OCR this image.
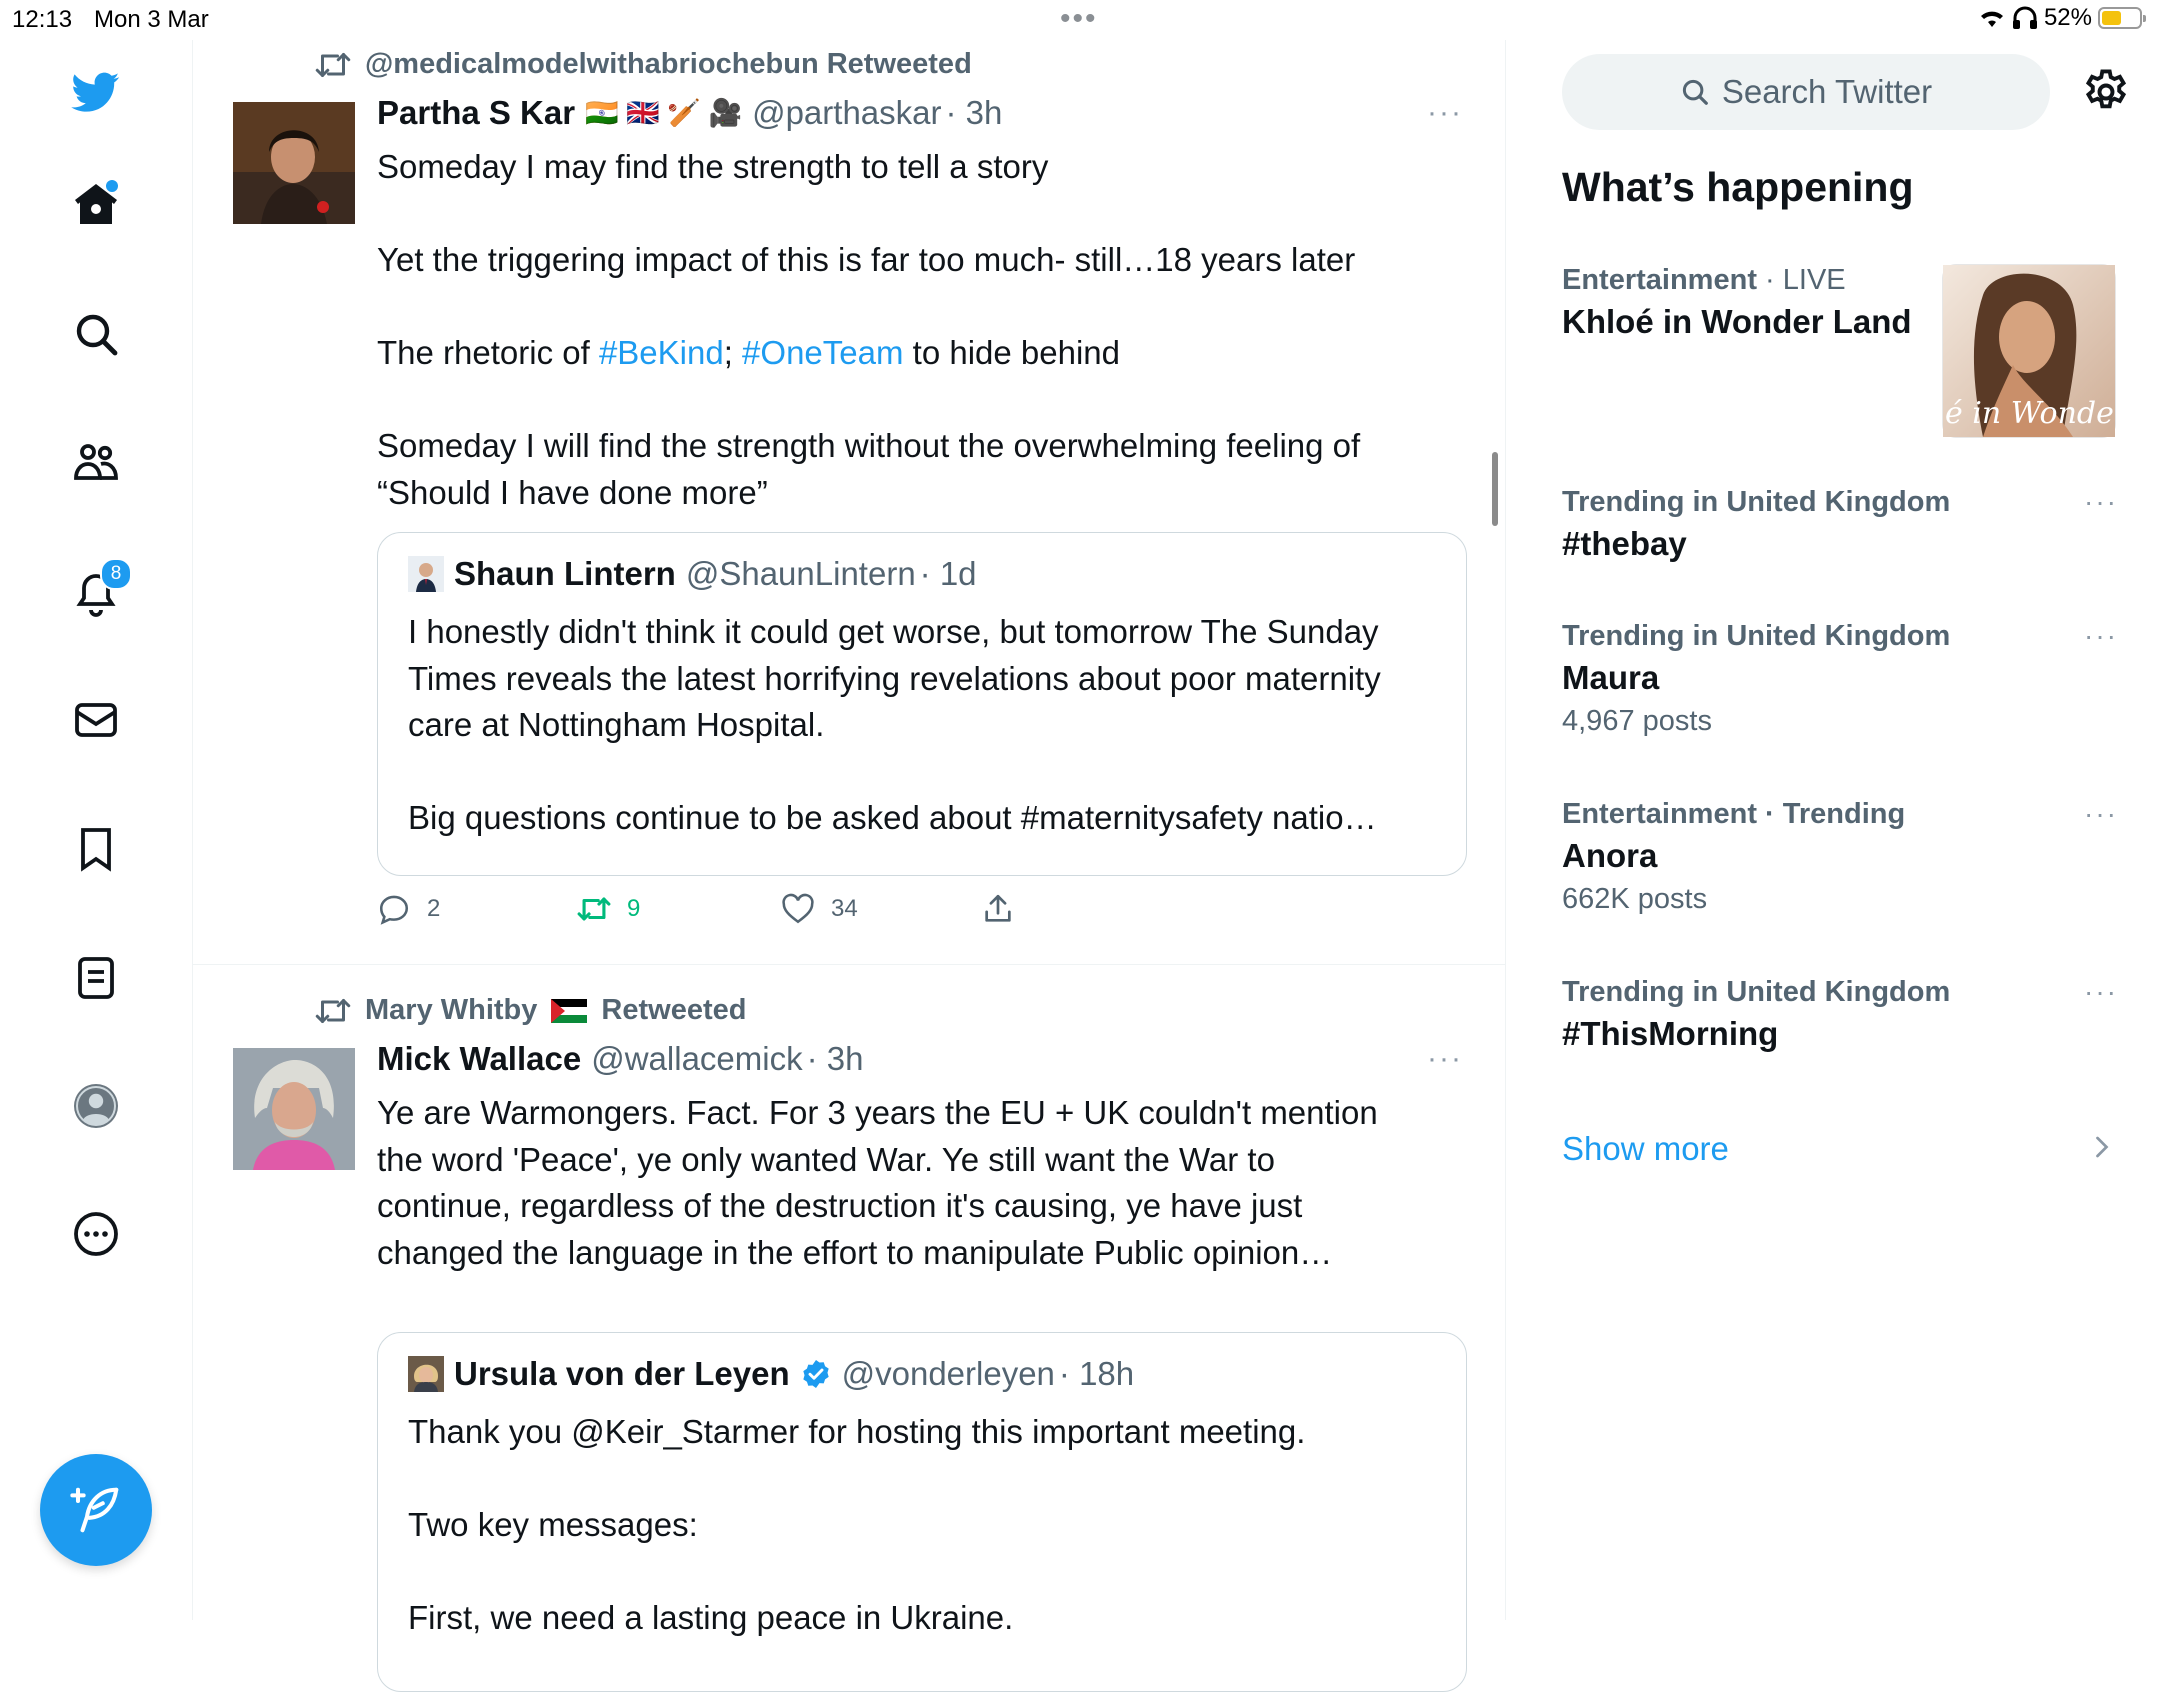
12:13 Mon 3 Mar	52%
•••
8
@medicalmodelwithabriochebun Retweeted
Partha S Kar 🇮🇳 🇬🇧 🏏 🎥 @parthaskar · 3h	···

Someday I may find the strength to tell a story

Yet the triggering impact of this is far too much- still…18 years later

The rhetoric of #BeKind; #OneTeam to hide behind

Someday I will find the strength without the overwhelming feeling of “Should I have done more”

Shaun Lintern @ShaunLintern · 1d

I honestly didn't think it could get worse, but tomorrow The Sunday Times reveals the latest horrifying revelations about poor maternity care at Nottingham Hospital.

Big questions continue to be asked about #maternitysafety natio…

2	9	34
Mary Whitby Retweeted
Mick Wallace @wallacemick · 3h	···

Ye are Warmongers. Fact. For 3 years the EU + UK couldn't mention the word 'Peace', ye only wanted War. Ye still want the War to continue, regardless of the destruction it's causing, ye have just changed the language in the effort to manipulate Public opinion…

Ursula von der Leyen @vonderleyen · 18h

Thank you @Keir_Starmer for hosting this important meeting.

Two key messages:

First, we need a lasting peace in Ukraine.

Search Twitter
What’s happening
Entertainment · LIVE
Khloé in Wonder Land
é in Wonder L
Trending in United Kingdom
#thebay
···
Trending in United Kingdom
Maura
4,967 posts
···
Entertainment · Trending
Anora
662K posts
···
Trending in United Kingdom
#ThisMorning
···
Show more
